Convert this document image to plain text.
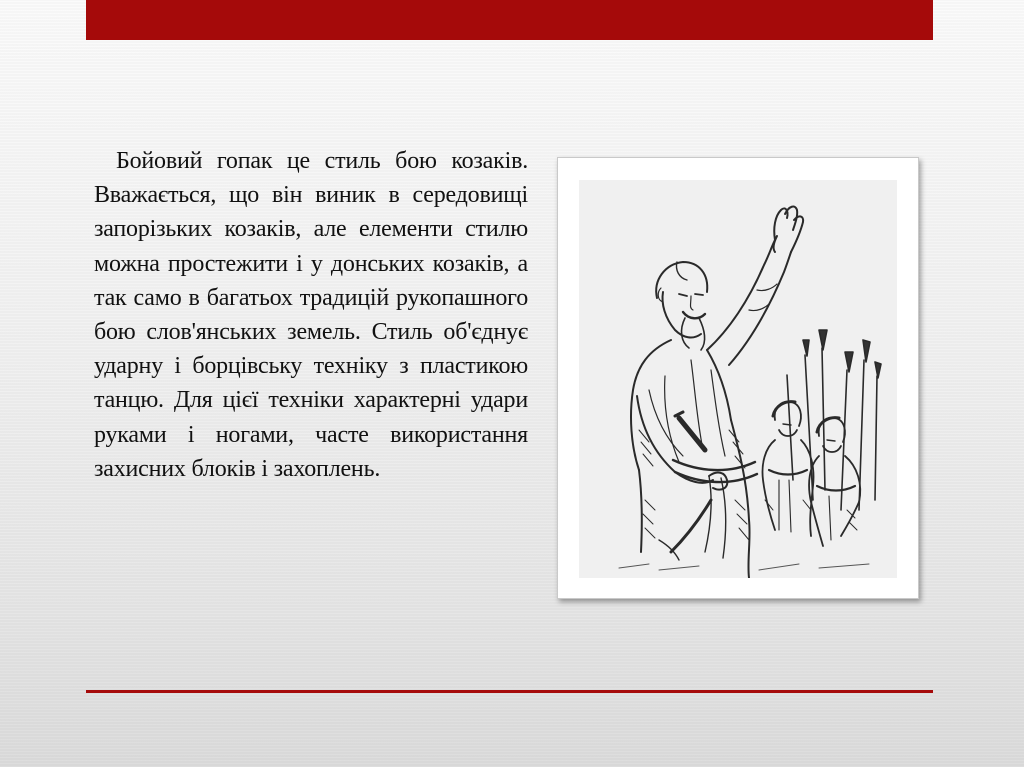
Бойовий гопак це стиль бою козаків. Вважається, що він виник в середовищі запорізьких козаків, але елементи стилю можна простежити і у донських козаків, а так само в багатьох традицій рукопашного бою слов'янських земель. Стиль об'єднує ударну і борцівську техніку з пластикою танцю. Для цієї техніки характерні удари руками і ногами, часте використання захисних блоків і захоплень.
